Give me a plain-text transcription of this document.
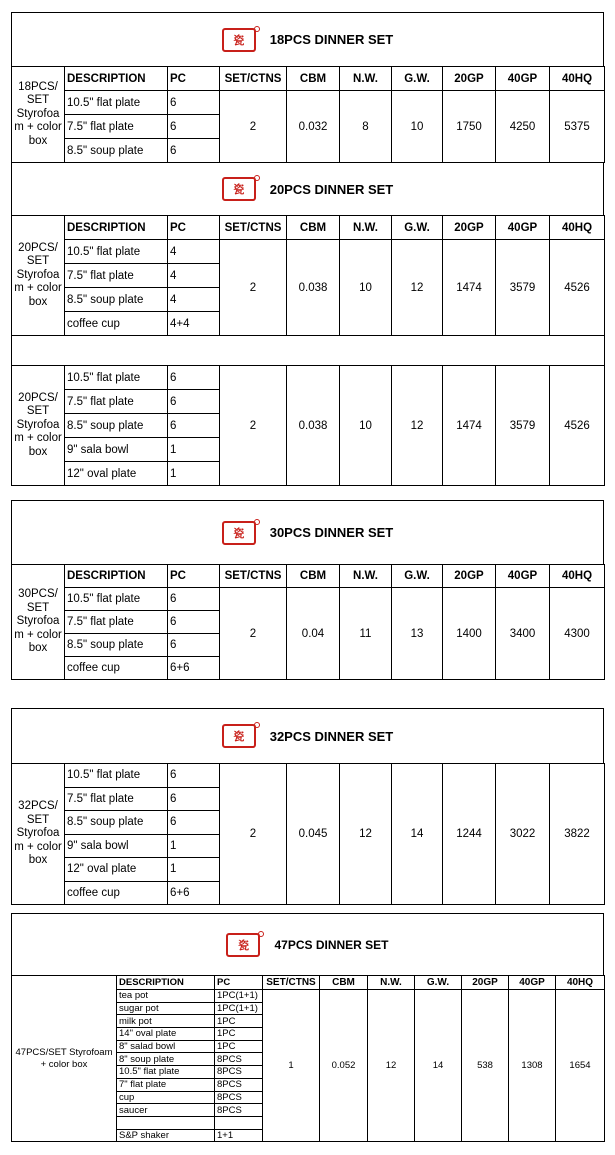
瓷	18PCS DINNER SET
18PCS/ SET Styrofoa m + color box	DESCRIPTION	PC	SET/CTNS	CBM	N.W.	G.W.	20GP	40GP	40HQ
	10.5" flat plate	6	2	0.032	8	10	1750	4250	5375
	7.5" flat plate	6							
	8.5" soup plate	6							
瓷	20PCS DINNER SET
20PCS/ SET Styrofoa m + color box	DESCRIPTION	PC	SET/CTNS	CBM	N.W.	G.W.	20GP	40GP	40HQ
	10.5" flat plate	4	2	0.038	10	12	1474	3579	4526
	7.5" flat plate	4							
	8.5" soup plate	4							
	coffee cup	4+4							

20PCS/ SET Styrofoa m + color box	10.5" flat plate	6	2	0.038	10	12	1474	3579	4526
	7.5" flat plate	6							
	8.5" soup plate	6							
	9" sala bowl	1							
	12" oval plate	1							
瓷	30PCS DINNER SET
30PCS/ SET Styrofoa m + color box	DESCRIPTION	PC	SET/CTNS	CBM	N.W.	G.W.	20GP	40GP	40HQ
	10.5" flat plate	6	2	0.04	11	13	1400	3400	4300
	7.5" flat plate	6							
	8.5" soup plate	6							
	coffee cup	6+6							
瓷	32PCS DINNER SET
32PCS/ SET Styrofoa m + color box	10.5" flat plate	6	2	0.045	12	14	1244	3022	3822
	7.5" flat plate	6							
	8.5" soup plate	6							
	9" sala bowl	1							
	12" oval plate	1							
	coffee cup	6+6							
瓷	47PCS DINNER SET
47PCS/SET Styrofoam + color box	DESCRIPTION	PC	SET/CTNS	CBM	N.W.	G.W.	20GP	40GP	40HQ
	tea pot	1PC(1+1)	1	0.052	12	14	538	1308	1654
	sugar pot	1PC(1+1)							
	milk pot	1PC							
	14" oval plate	1PC							
	8" salad bowl	1PC							
	8" soup plate	8PCS							
	10.5" flat plate	8PCS							
	7" flat plate	8PCS							
	cup	8PCS							
	saucer	8PCS							

	S&P shaker	1+1							
